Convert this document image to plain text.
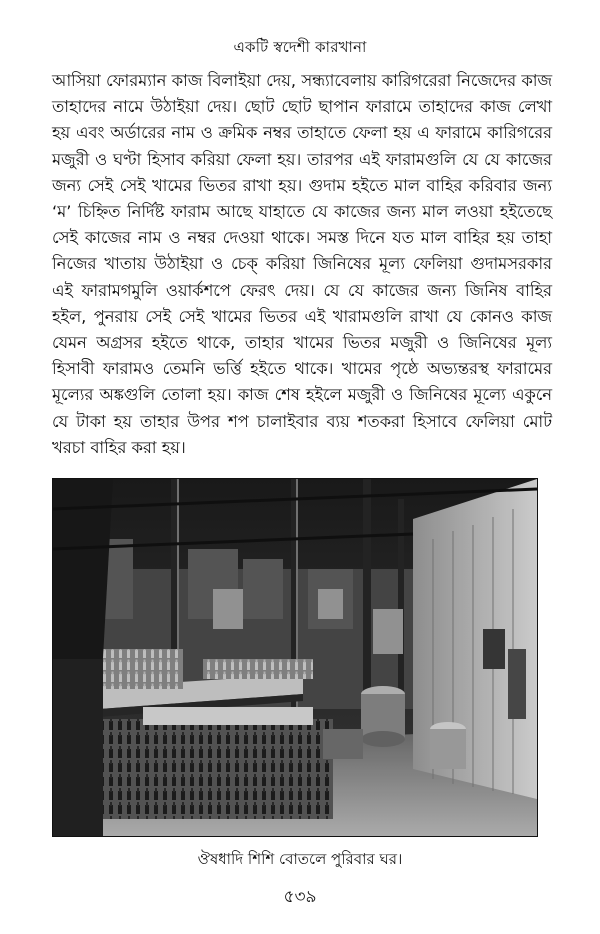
একটি স্বদেশী কারখানা

আসিয়া ফোরম্যান কাজ বিলাইয়া দেয়, সন্ধ্যাবেলায় কারিগরেরা নিজেদের কাজ তাহাদের নামে উঠাইয়া দেয়। ছোট ছোট ছাপান ফারামে তাহাদের কাজ লেখা হয় এবং অর্ডারের নাম ও ক্রমিক নম্বর তাহাতে ফেলা হয় এ ফারামে কারিগরের মজুরী ও ঘণ্টা হিসাব করিয়া ফেলা হয়। তারপর এই ফারামগুলি যে যে কাজের জন্য সেই সেই খামের ভিতর রাখা হয়। গুদাম হইতে মাল বাহির করিবার জন্য ‘ম’ চিহ্নিত নির্দিষ্ট ফারাম আছে যাহাতে যে কাজের জন্য মাল লওয়া হইতেছে সেই কাজের নাম ও নম্বর দেওয়া থাকে। সমস্ত দিনে যত মাল বাহির হয় তাহা নিজের খাতায় উঠাইয়া ও চেক্ করিয়া জিনিষের মূল্য ফেলিয়া গুদামসরকার এই ফারামগমুলি ওয়ার্কশপে ফেরৎ দেয়। যে যে কাজের জন্য জিনিষ বাহির হইল, পুনরায় সেই সেই খামের ভিতর এই খারামগুলি রাখা যে কোনও কাজ যেমন অগ্রসর হইতে থাকে, তাহার খামের ভিতর মজুরী ও জিনিষের মূল্য হিসাবী ফারামও তেমনি ভর্ত্তি হইতে থাকে। খামের পৃষ্ঠে অভ্যন্তরস্থ ফারামের মূল্যের অঙ্কগুলি তোলা হয়। কাজ শেষ হইলে মজুরী ও জিনিষের মূল্যে একুনে যে টাকা হয় তাহার উপর শপ চালাইবার ব্যয় শতকরা হিসাবে ফেলিয়া মোট খরচা বাহির করা হয়।

ঔষধাদি শিশি বোতলে পুরিবার ঘর।
৫৩৯
